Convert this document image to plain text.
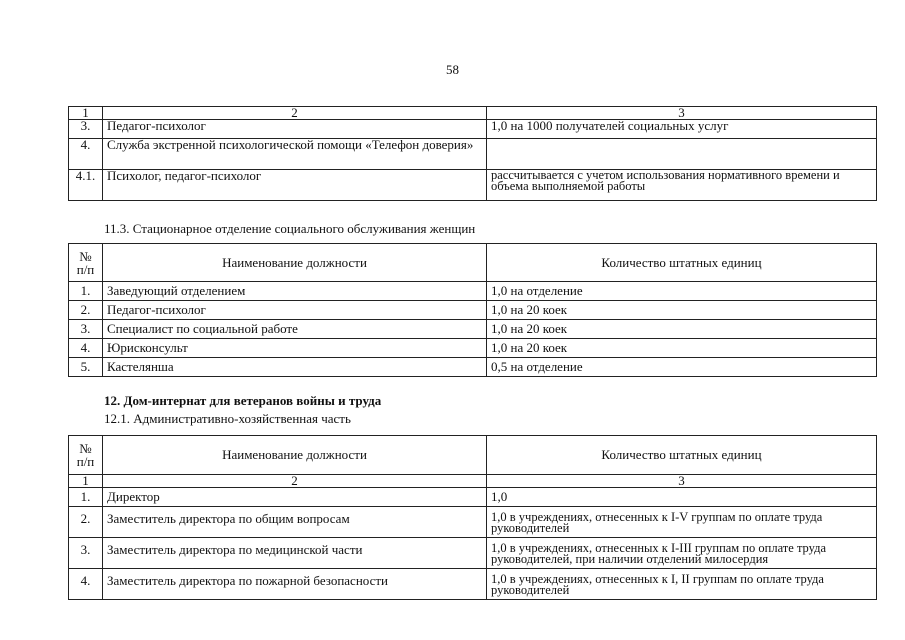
58
1	2	3
3.	Педагог-психолог	1,0 на 1000 получателей социальных услуг
4.	Служба экстренной психологической помощи «Телефон доверия»	
4.1.	Психолог, педагог-психолог	рассчитывается с учетом использования нормативного времени и объема выполняемой работы
11.3. Стационарное отделение социального обслуживания женщин
№ п/п	Наименование должности	Количество штатных единиц
1.	Заведующий отделением	1,0 на отделение
2.	Педагог-психолог	1,0 на 20 коек
3.	Специалист по социальной работе	1,0 на 20 коек
4.	Юрисконсульт	1,0 на 20 коек
5.	Кастелянша	0,5 на отделение
12. Дом-интернат для ветеранов войны и труда
12.1. Административно-хозяйственная часть
№ п/п	Наименование должности	Количество штатных единиц
1	2	3
1.	Директор	1,0
2.	Заместитель директора по общим вопросам	1,0 в учреждениях, отнесенных к I-V группам по оплате труда руководителей
3.	Заместитель директора по медицинской части	1,0 в учреждениях, отнесенных к I-III группам по оплате труда руководителей, при наличии отделений милосердия
4.	Заместитель директора по пожарной безопасности	1,0 в учреждениях, отнесенных к I, II группам по оплате труда руководителей
